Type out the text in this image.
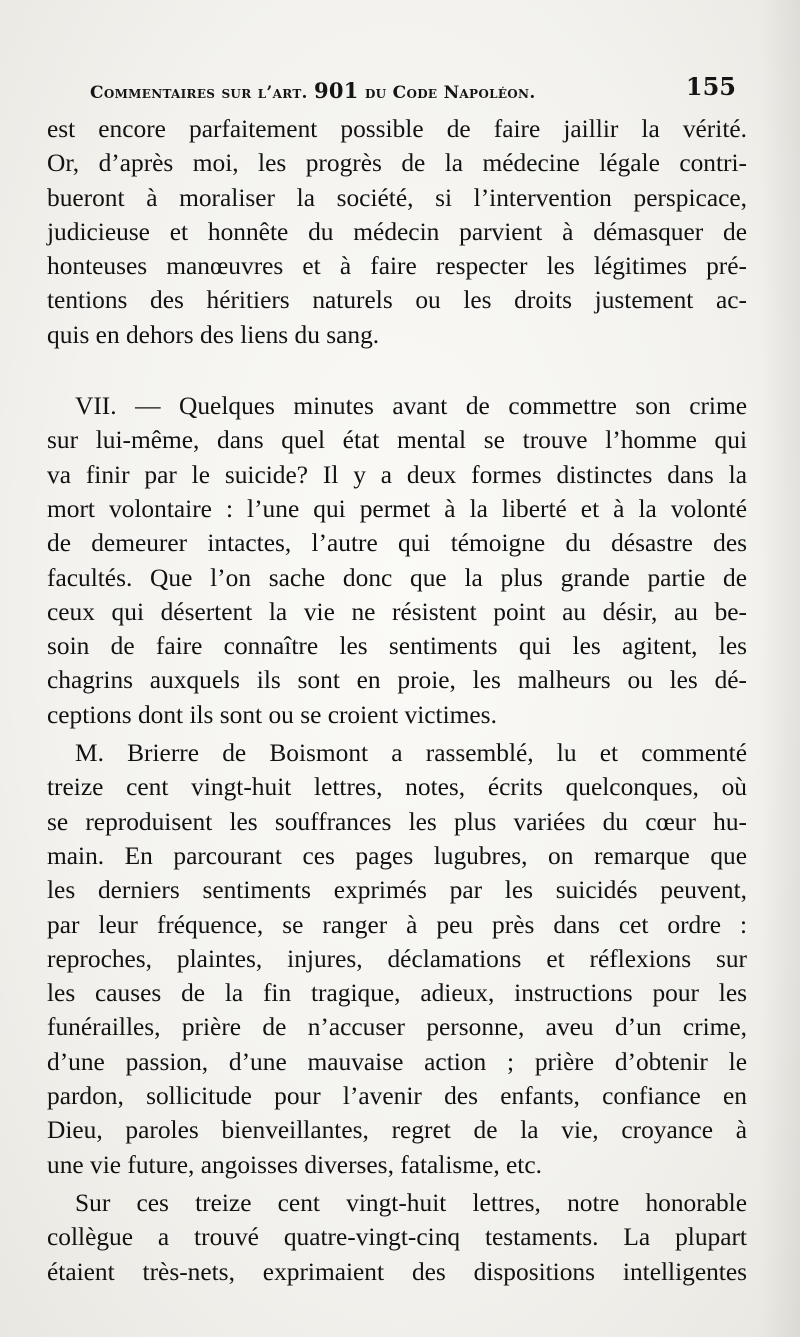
Commentaires sur l’art. 901 du Code Napoléon.	155
est encore parfaitement possible de faire jaillir la vérité.
Or, d’après moi, les progrès de la médecine légale contri-
bueront à moraliser la société, si l’intervention perspicace,
judicieuse et honnête du médecin parvient à démasquer de
honteuses manœuvres et à faire respecter les légitimes pré-
tentions des héritiers naturels ou les droits justement ac-
quis en dehors des liens du sang.
VII. — Quelques minutes avant de commettre son crime
sur lui-même, dans quel état mental se trouve l’homme qui
va finir par le suicide? Il y a deux formes distinctes dans la
mort volontaire : l’une qui permet à la liberté et à la volonté
de demeurer intactes, l’autre qui témoigne du désastre des
facultés. Que l’on sache donc que la plus grande partie de
ceux qui désertent la vie ne résistent point au désir, au be-
soin de faire connaître les sentiments qui les agitent, les
chagrins auxquels ils sont en proie, les malheurs ou les dé-
ceptions dont ils sont ou se croient victimes.
M. Brierre de Boismont a rassemblé, lu et commenté
treize cent vingt-huit lettres, notes, écrits quelconques, où
se reproduisent les souffrances les plus variées du cœur hu-
main. En parcourant ces pages lugubres, on remarque que
les derniers sentiments exprimés par les suicidés peuvent,
par leur fréquence, se ranger à peu près dans cet ordre :
reproches, plaintes, injures, déclamations et réflexions sur
les causes de la fin tragique, adieux, instructions pour les
funérailles, prière de n’accuser personne, aveu d’un crime,
d’une passion, d’une mauvaise action ; prière d’obtenir le
pardon, sollicitude pour l’avenir des enfants, confiance en
Dieu, paroles bienveillantes, regret de la vie, croyance à
une vie future, angoisses diverses, fatalisme, etc.
Sur ces treize cent vingt-huit lettres, notre honorable
collègue a trouvé quatre-vingt-cinq testaments. La plupart
étaient très-nets, exprimaient des dispositions intelligentes
